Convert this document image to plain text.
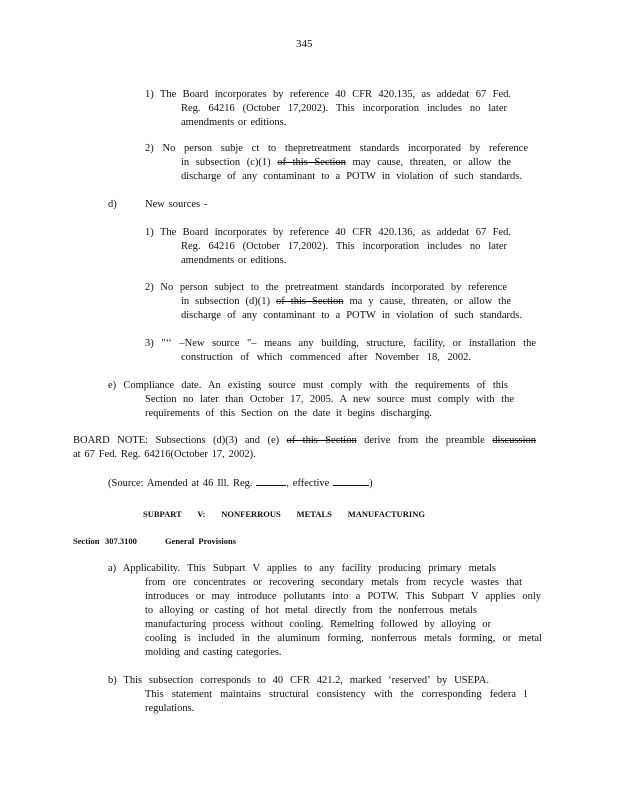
345
1) The Board incorporates by reference 40 CFR 420.135, as addedat 67 Fed.
Reg. 64216 (October 17,2002). This incorporation includes no later
amendments or editions.
2) No person subje ct to thepretreatment standards incorporated by reference
in subsection (c)(1) of this Section may cause, threaten, or allow the
discharge of any contaminant to a POTW in violation of such standards.
d)	New sources -
1) The Board incorporates by reference 40 CFR 420.136, as addedat 67 Fed.
Reg. 64216 (October 17,2002). This incorporation includes no later
amendments or editions.
2) No person subject to the pretreatment standards incorporated by reference
in subsection (d)(1) of this Section ma y cause, threaten, or allow the
discharge of any contaminant to a POTW in violation of such standards.
3) "‘‘ –New source "– means any building, structure, facility, or installation the
construction of which commenced after November 18, 2002.
e) Compliance date. An existing source must comply with the requirements of this
Section no later than October 17, 2005. A new source must comply with the
requirements of this Section on the date it begins discharging.
BOARD NOTE: Subsections (d)(3) and (e) of this Section derive from the preamble discussion
at 67 Fed. Reg. 64216(October 17, 2002).
(Source: Amended at 46 Ill. Reg.	, effective	)
SUBPART V: NONFERROUS METALS MANUFACTURING
Section 307.3100	General Provisions
a) Applicability. This Subpart V applies to any facility producing primary metals
from ore concentrates or recovering secondary metals from recycle wastes that
introduces or may introduce pollutants into a POTW. This Subpart V applies only
to alloying or casting of hot metal directly from the nonferrous metals
manufacturing process without cooling. Remelting followed by alloying or
cooling is included in the aluminum forming, nonferrous metals forming, or metal
molding and casting categories.
b) This subsection corresponds to 40 CFR 421.2, marked ‘reserved’ by USEPA.
This statement maintains structural consistency with the corresponding federa l
regulations.
